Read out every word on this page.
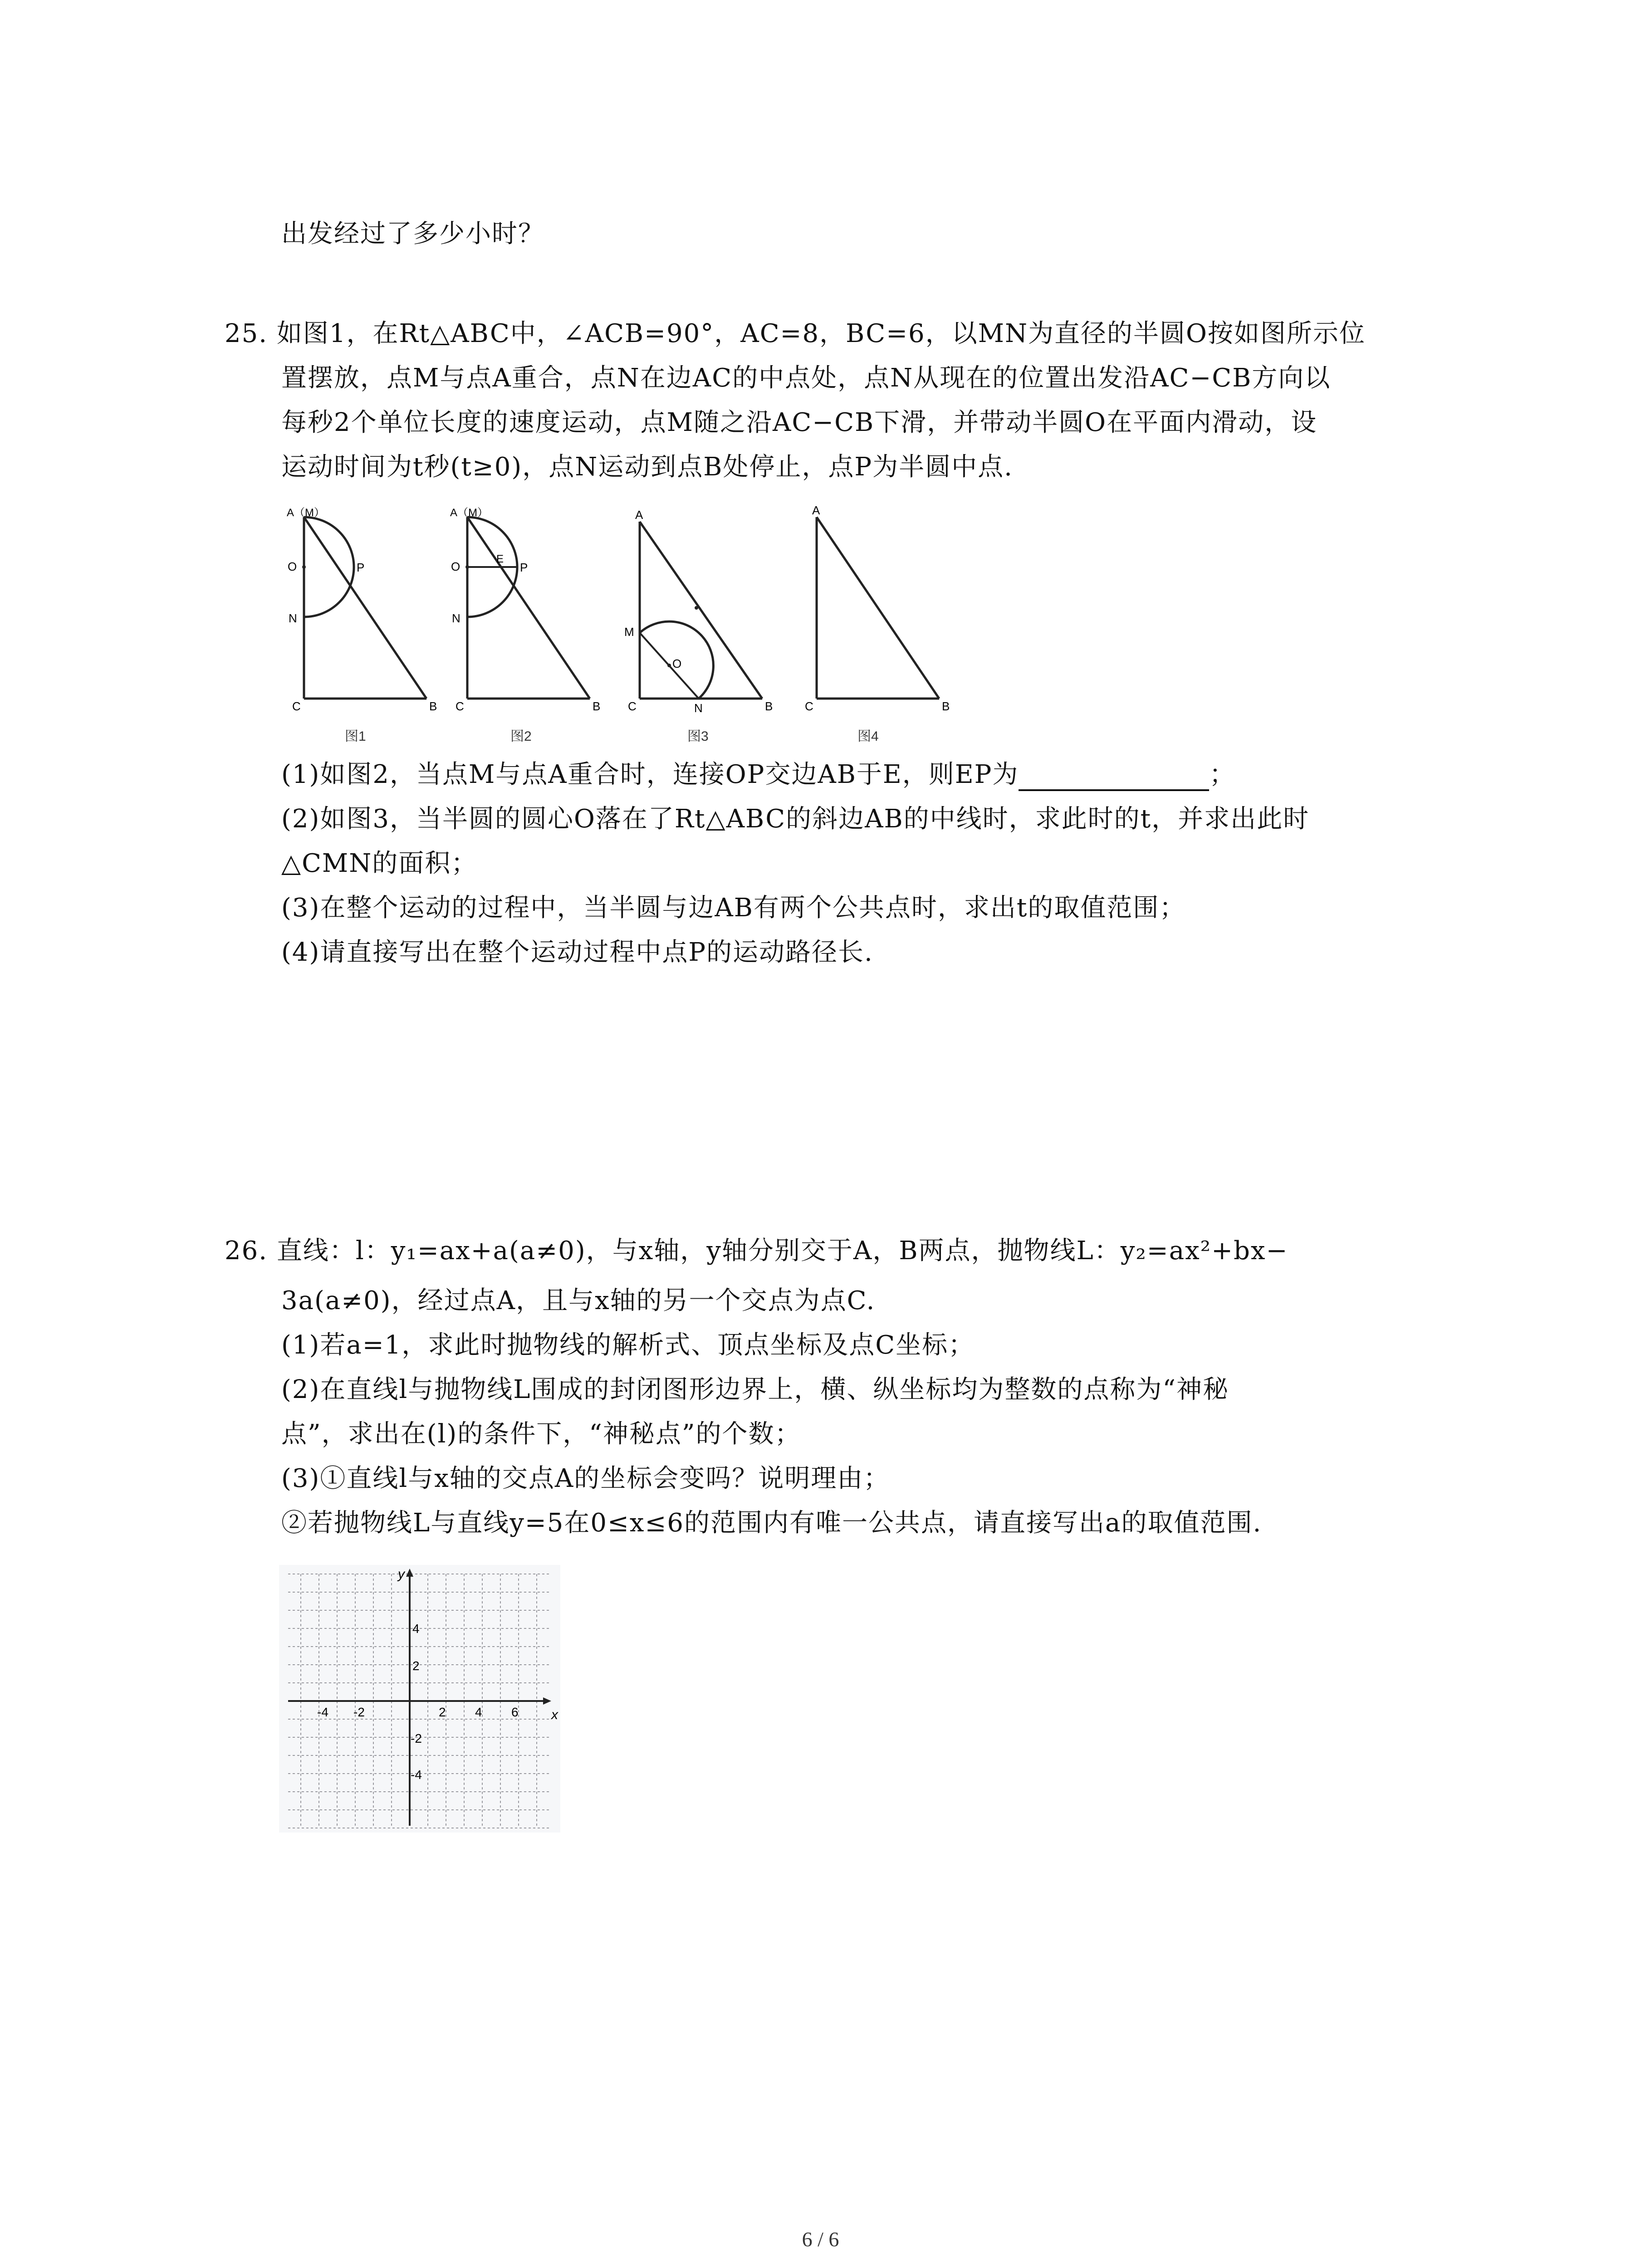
出发经过了多少小时？
25. 如图1，在Rt△ABC中，∠ACB=90°，AC=8，BC=6，以MN为直径的半圆O按如图所示位
置摆放，点M与点A重合，点N在边AC的中点处，点N从现在的位置出发沿AC−CB方向以
每秒2个单位长度的速度运动，点M随之沿AC−CB下滑，并带动半圆O在平面内滑动，设
运动时间为t秒(t≥0)，点N运动到点B处停止，点P为半圆中点.
A（M）
O	P
N
C	B
图1
A（M）
O
E
P
N
C	B
图2
A
M
O
C	N	B
图3
A
C	B
图4
(1)如图2，当点M与点A重合时，连接OP交边AB于E，则EP为	；
(2)如图3，当半圆的圆心O落在了Rt△ABC的斜边AB的中线时，求此时的t，并求出此时
△CMN的面积；
(3)在整个运动的过程中，当半圆与边AB有两个公共点时，求出t的取值范围；
(4)请直接写出在整个运动过程中点P的运动路径长.
26. 直线：l：y₁=ax+a(a≠0)，与x轴，y轴分别交于A，B两点，抛物线L：y₂=ax²+bx−
3a(a≠0)，经过点A，且与x轴的另一个交点为点C.
(1)若a=1，求此时抛物线的解析式、顶点坐标及点C坐标；
(2)在直线l与抛物线L围成的封闭图形边界上，横、纵坐标均为整数的点称为“神秘
点”，求出在(l)的条件下，“神秘点”的个数；
(3)①直线l与x轴的交点A的坐标会变吗？说明理由；
②若抛物线L与直线y=5在0≤x≤6的范围内有唯一公共点，请直接写出a的取值范围.
x
y
-4 -2	2 4 6
4
2
-2
-4
6 / 6
